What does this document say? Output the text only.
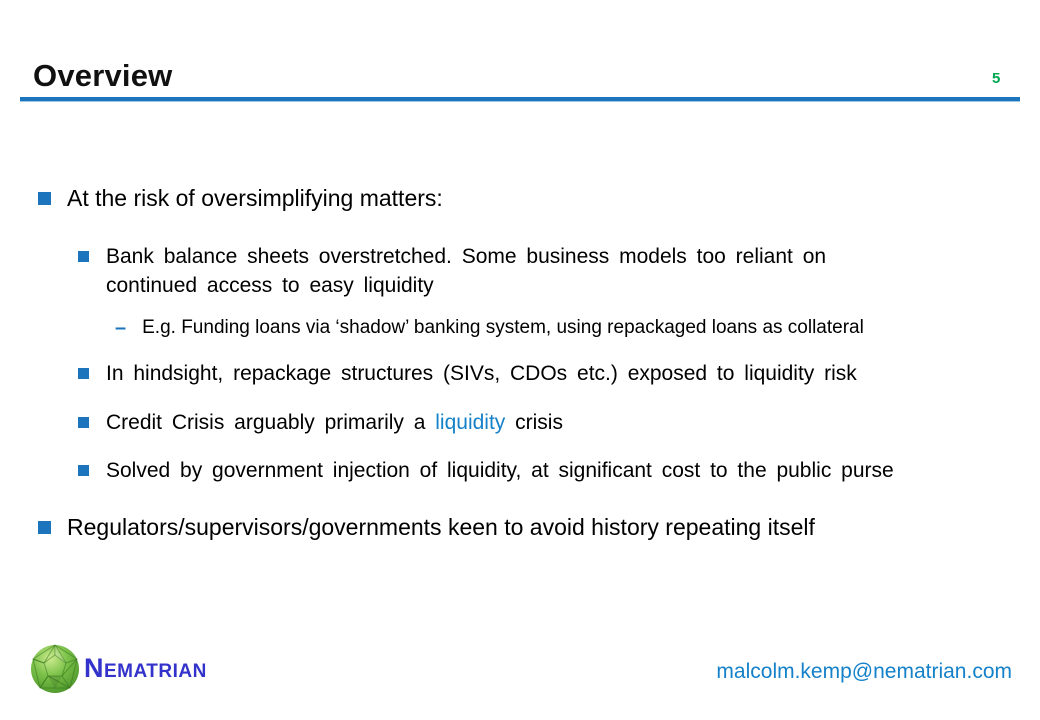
Overview	5
At the risk of oversimplifying matters:
Bank balance sheets overstretched. Some business models too reliant on continued access to easy liquidity
– E.g. Funding loans via ‘shadow’ banking system, using repackaged loans as collateral
In hindsight, repackage structures (SIVs, CDOs etc.) exposed to liquidity risk
Credit Crisis arguably primarily a liquidity crisis
Solved by government injection of liquidity, at significant cost to the public purse
Regulators/supervisors/governments keen to avoid history repeating itself
Nematrian	malcolm.kemp@nematrian.com
